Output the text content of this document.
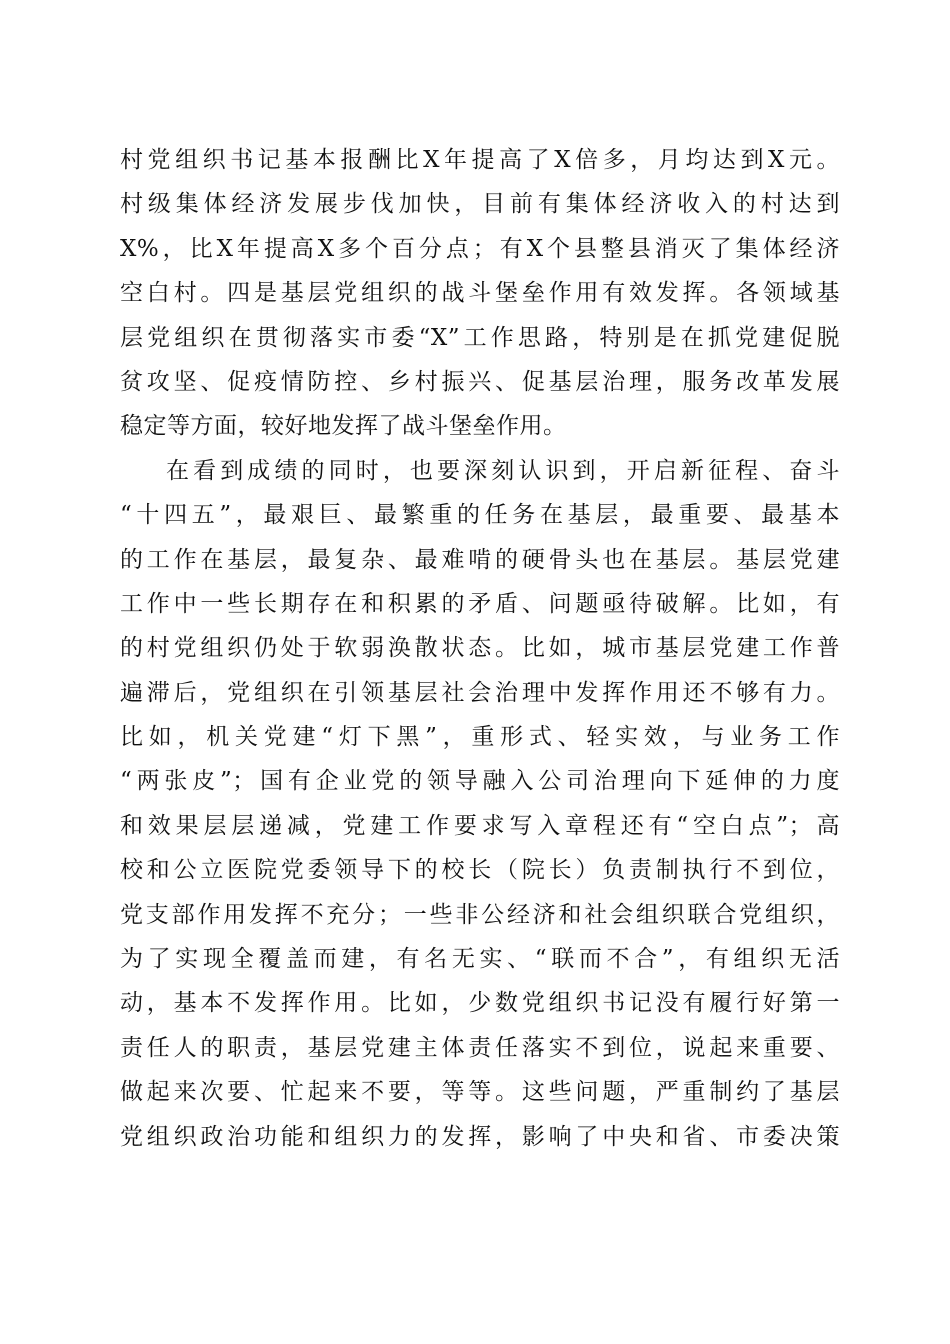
村党组织书记基本报酬比X年提高了X倍多，月均达到X元。
村级集体经济发展步伐加快，目前有集体经济收入的村达到
X%，比X年提高X多个百分点；有X个县整县消灭了集体经济
空白村。四是基层党组织的战斗堡垒作用有效发挥。各领域基
层党组织在贯彻落实市委“X”工作思路，特别是在抓党建促脱
贫攻坚、促疫情防控、乡村振兴、促基层治理，服务改革发展
稳定等方面，较好地发挥了战斗堡垒作用。
在看到成绩的同时，也要深刻认识到，开启新征程、奋斗
“十四五”，最艰巨、最繁重的任务在基层，最重要、最基本
的工作在基层，最复杂、最难啃的硬骨头也在基层。基层党建
工作中一些长期存在和积累的矛盾、问题亟待破解。比如，有
的村党组织仍处于软弱涣散状态。比如，城市基层党建工作普
遍滞后，党组织在引领基层社会治理中发挥作用还不够有力。
比如，机关党建“灯下黑”，重形式、轻实效，与业务工作
“两张皮”；国有企业党的领导融入公司治理向下延伸的力度
和效果层层递减，党建工作要求写入章程还有“空白点”；高
校和公立医院党委领导下的校长（院长）负责制执行不到位，
党支部作用发挥不充分；一些非公经济和社会组织联合党组织，
为了实现全覆盖而建，有名无实、“联而不合”，有组织无活
动，基本不发挥作用。比如，少数党组织书记没有履行好第一
责任人的职责，基层党建主体责任落实不到位，说起来重要、
做起来次要、忙起来不要，等等。这些问题，严重制约了基层
党组织政治功能和组织力的发挥，影响了中央和省、市委决策
